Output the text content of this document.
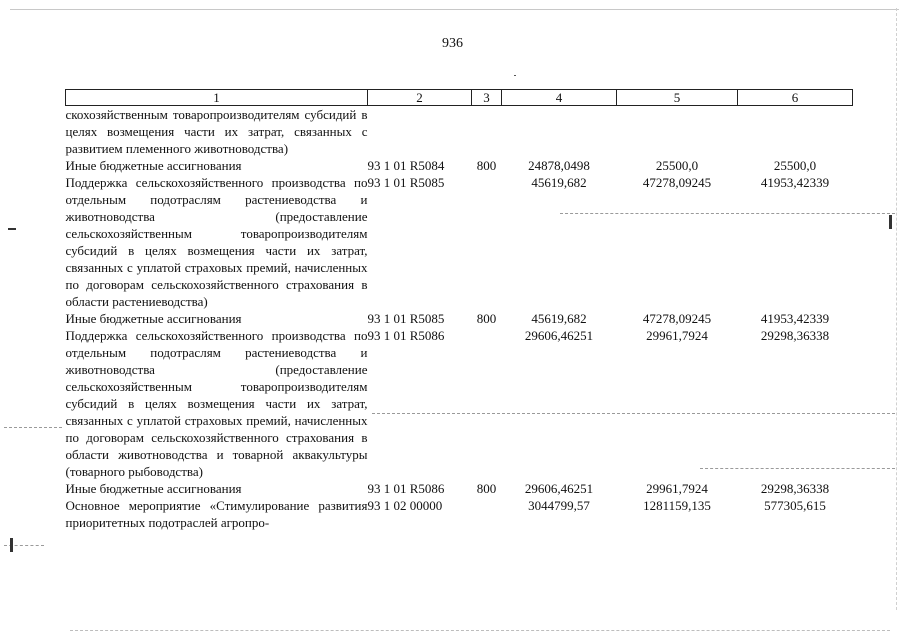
936
1	2	3	4	5	6
скохозяйственным товаропроизводителям субсидий в целях возмещения части их затрат, связанных с развитием племенного животноводства)					
Иные бюджетные ассигнования	93 1 01 R5084	800	24878,0498	25500,0	25500,0
Поддержка сельскохозяйственного производства по отдельным подотраслям растениеводства и животноводства (предоставление сельскохозяйственным товаропроизводителям субсидий в целях возмещения части их затрат, связанных с уплатой страховых премий, начисленных по договорам сельскохозяйственного страхования в области растениеводства)	93 1 01 R5085		45619,682	47278,09245	41953,42339
Иные бюджетные ассигнования	93 1 01 R5085	800	45619,682	47278,09245	41953,42339
Поддержка сельскохозяйственного производства по отдельным подотраслям растениеводства и животноводства (предоставление сельскохозяйственным товаропроизводителям субсидий в целях возмещения части их затрат, связанных с уплатой страховых премий, начисленных по договорам сельскохозяйственного страхования в области животноводства и товарной аквакультуры (товарного рыбоводства)	93 1 01 R5086		29606,46251	29961,7924	29298,36338
Иные бюджетные ассигнования	93 1 01 R5086	800	29606,46251	29961,7924	29298,36338
Основное мероприятие «Стимулирование развития приоритетных подотраслей агропро-	93 1 02 00000		3044799,57	1281159,135	577305,615
